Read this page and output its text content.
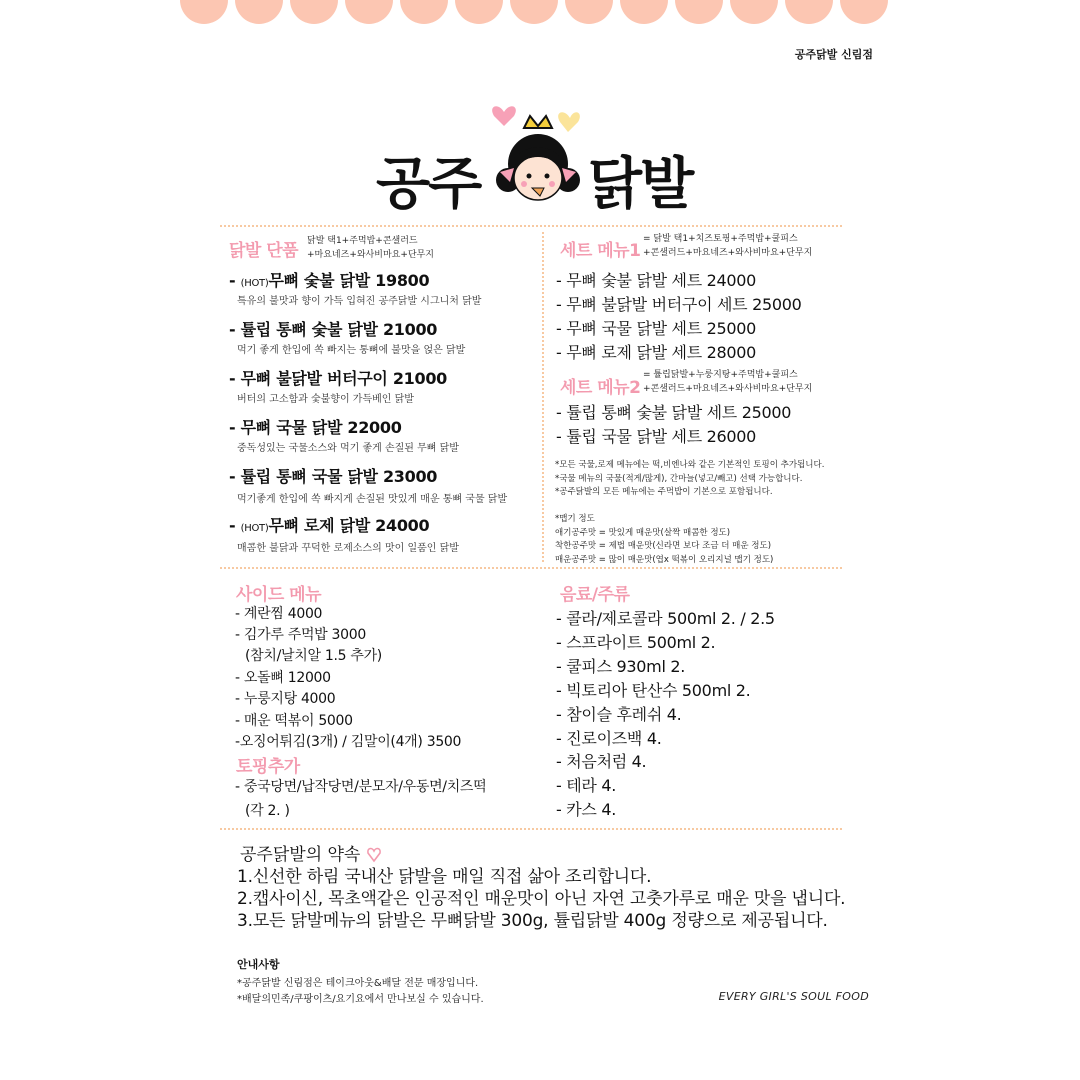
공주닭발 신림점
공주 닭발
닭발 단품 닭발 택1+주먹밥+콘샐러드
+마요네즈+와사비마요+단무지
- (HOT)무뼈 숯불 닭발 19800
특유의 불맛과 향이 가득 입혀진 공주닭발 시그니처 닭발
- 튤립 통뼈 숯불 닭발 21000
먹기 좋게 한입에 쏙 빠지는 통뼈에 불맛을 얹은 닭발
- 무뼈 불닭발 버터구이 21000
버터의 고소함과 숯불향이 가득베인 닭발
- 무뼈 국물 닭발 22000
중독성있는 국물소스와 먹기 좋게 손질된 무뼈 닭발
- 튤립 통뼈 국물 닭발 23000
먹기좋게 한입에 쏙 빠지게 손질된 맛있게 매운 통뼈 국물 닭발
- (HOT)무뼈 로제 닭발 24000
매콤한 불닭과 꾸덕한 로제소스의 맛이 일품인 닭발
세트 메뉴1
= 닭발 택1+치즈토핑+주먹밥+쿨피스
+콘샐러드+마요네즈+와사비마요+단무지
- 무뼈 숯불 닭발 세트 24000
- 무뼈 불닭발 버터구이 세트 25000
- 무뼈 국물 닭발 세트 25000
- 무뼈 로제 닭발 세트 28000
세트 메뉴2
= 튤립닭발+누룽지탕+주먹밥+쿨피스
+콘샐러드+마요네즈+와사비마요+단무지
- 튤립 통뼈 숯불 닭발 세트 25000
- 튤립 국물 닭발 세트 26000
*모든 국물,로제 메뉴에는 떡,비엔나와 같은 기본적인 토핑이 추가됩니다.
*국물 메뉴의 국물(적게/많게), 간마늘(넣고/빼고) 선택 가능합니다.
*공주닭발의 모든 메뉴에는 주먹밥이 기본으로 포함됩니다.
*맵기 정도
애기공주맛 = 맛있게 매운맛(살짝 매콤한 정도)
착한공주맛 = 제법 매운맛(신라면 보다 조금 더 매운 정도)
매운공주맛 = 많이 매운맛(엽x 떡볶이 오리지널 맵기 정도)
사이드 메뉴
- 계란찜 4000
- 김가루 주먹밥 3000
(참치/날치알 1.5 추가)
- 오돌뼈 12000
- 누룽지탕 4000
- 매운 떡볶이 5000
-오징어튀김(3개) / 김말이(4개) 3500
토핑추가
- 중국당면/납작당면/분모자/우동면/치즈떡
(각 2. )
음료/주류
- 콜라/제로콜라 500ml 2. / 2.5
- 스프라이트 500ml 2.
- 쿨피스 930ml 2.
- 빅토리아 탄산수 500ml 2.
- 참이슬 후레쉬 4.
- 진로이즈백 4.
- 처음처럼 4.
- 테라 4.
- 카스 4.
공주닭발의 약속
1.신선한 하림 국내산 닭발을 매일 직접 삶아 조리합니다.
2.캡사이신, 목초액같은 인공적인 매운맛이 아닌 자연 고춧가루로 매운 맛을 냅니다.
3.모든 닭발메뉴의 닭발은 무뼈닭발 300g, 튤립닭발 400g 정량으로 제공됩니다.
안내사항
*공주닭발 신림점은 테이크아웃&배달 전문 매장입니다.
*배달의민족/쿠팡이츠/요기요에서 만나보실 수 있습니다.	EVERY GIRL'S SOUL FOOD
